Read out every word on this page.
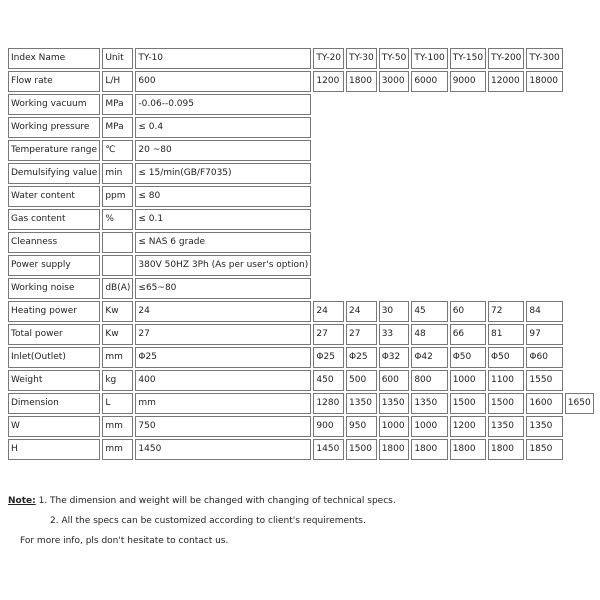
Index Name	Unit	TY-10	TY-20	TY-30	TY-50	TY-100	TY-150	TY-200	TY-300	
Flow rate	L/H	600	1200	1800	3000	6000	9000	12000	18000	
Working vacuum	MPa	-0.06--0.095								
Working pressure	MPa	≤ 0.4								
Temperature range	℃	20 ~80								
Demulsifying value	min	≤ 15/min(GB/F7035)								
Water content	ppm	≤ 80								
Gas content	%	≤ 0.1								
Cleanness		≤ NAS 6 grade								
Power supply		380V 50HZ 3Ph (As per user's option)								
Working noise	dB(A)	≤65~80								
Heating power	Kw	24	24	24	30	45	60	72	84	
Total power	Kw	27	27	27	33	48	66	81	97	
Inlet(Outlet)	mm	Φ25	Φ25	Φ25	Φ32	Φ42	Φ50	Φ50	Φ60	
Weight	kg	400	450	500	600	800	1000	1100	1550	
Dimension	L	mm	1280	1350	1350	1350	1500	1500	1600	1650
W	mm	750	900	950	1000	1000	1200	1350	1350	
H	mm	1450	1450	1500	1800	1800	1800	1800	1850	
Note: 1. The dimension and weight will be changed with changing of technical specs.
2. All the specs can be customized according to client's requirements.
For more info, pls don't hesitate to contact us.
